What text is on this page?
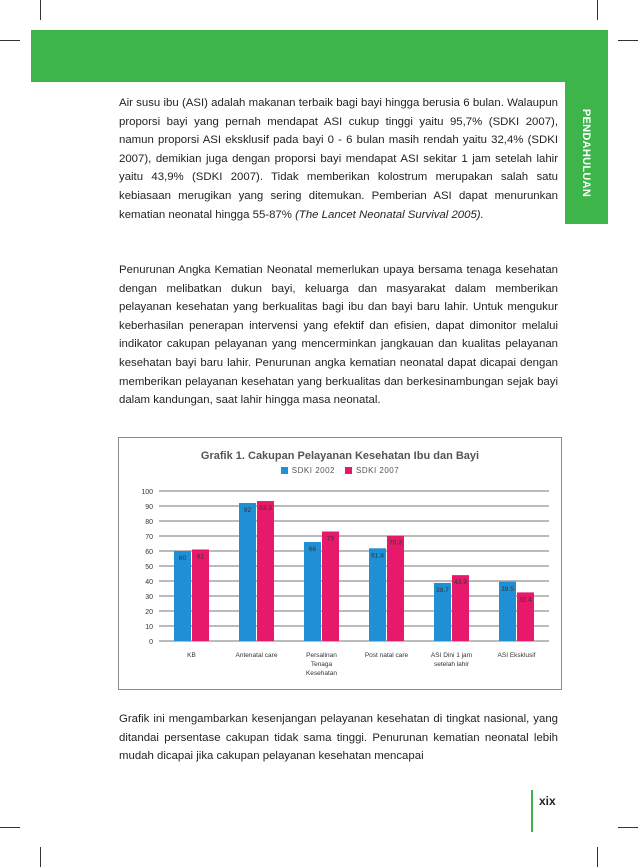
PENDAHULUAN

Air susu ibu (ASI) adalah makanan terbaik bagi bayi hingga berusia 6 bulan. Walaupun proporsi bayi yang pernah mendapat ASI cukup tinggi yaitu 95,7% (SDKI 2007), namun proporsi ASI eksklusif pada bayi 0 - 6 bulan masih rendah yaitu 32,4% (SDKI 2007), demikian juga dengan proporsi bayi mendapat ASI sekitar 1 jam setelah lahir yaitu 43,9% (SDKI 2007). Tidak memberikan kolostrum merupakan salah satu kebiasaan merugikan yang sering ditemukan. Pemberian ASI dapat menurunkan kematian neonatal hingga 55-87% (The Lancet Neonatal Survival 2005).

Penurunan Angka Kematian Neonatal memerlukan upaya bersama tenaga kesehatan dengan melibatkan dukun bayi, keluarga dan masyarakat dalam memberikan pelayanan kesehatan yang berkualitas bagi ibu dan bayi baru lahir. Untuk mengukur keberhasilan penerapan intervensi yang efektif dan efisien, dapat dimonitor melalui indikator cakupan pelayanan yang mencerminkan jangkauan dan kualitas pelayanan kesehatan bayi baru lahir. Penurunan angka kematian neonatal dapat dicapai dengan memberikan pelayanan kesehatan yang berkualitas dan berkesinambungan sejak bayi dalam kandungan, saat lahir hingga masa neonatal.

Grafik 1. Cakupan Pelayanan Kesehatan Ibu dan Bayi
SDKI 2002	SDKI 2007
0
10
20
30
40
50
60
70
80
90
100
60 61
KB
92 93.3
Antenatal care
66
73
Persalinan
Tenaga
Kesehatan
61.8
70.3
Post natal care
38.7
43.9
ASI Dini 1 jam
setelah lahir
39.5
32.4
ASI Eksklusif

Grafik ini mengambarkan kesenjangan pelayanan kesehatan di tingkat nasional, yang ditandai persentase cakupan tidak sama tinggi. Penurunan kematian neonatal lebih mudah dicapai jika cakupan pelayanan kesehatan mencapai

xix
